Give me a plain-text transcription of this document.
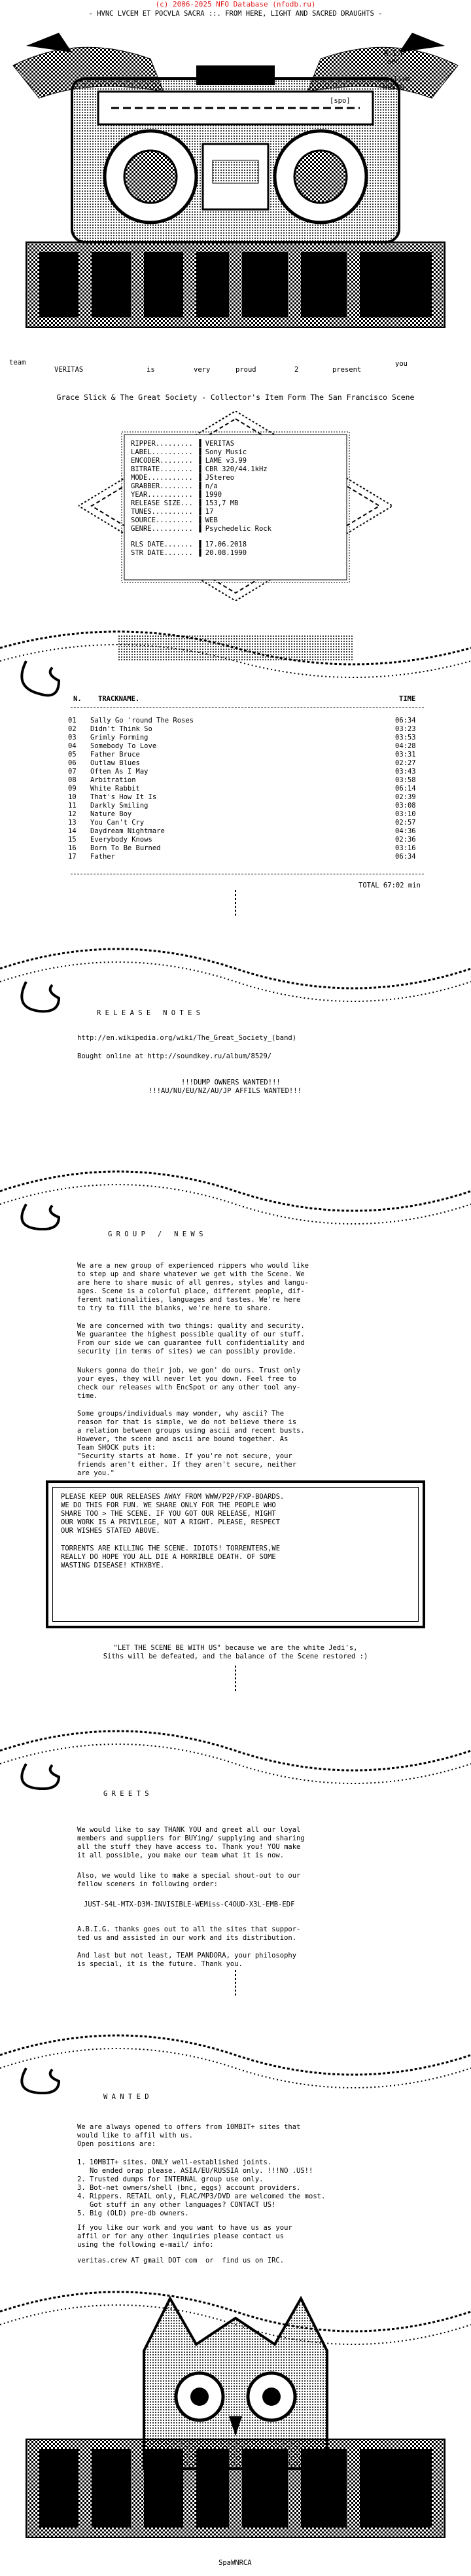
(c) 2006-2025 NFO Database (nfodb.ru)
- HVNC LVCEM ET POCVLA SACRA ::. FROM HERE, LIGHT AND SACRED DRAUGHTS -
R.I.P
aPC
long live
MUSIQ
[spo]
team
VERITAS	is	very	proud	2	present
you
Grace Slick & The Great Society - Collector's Item Form The San Francisco Scene
RIPPER......... ▐ VERITAS
LABEL.......... ▐ Sony Music
ENCODER........ ▐ LAME v3.99
BITRATE........ ▐ CBR 320/44.1kHz
MODE........... ▐ JStereo
GRABBER........ ▐ n/a
YEAR........... ▐ 1990
RELEASE SIZE... ▐ 153,7 MB
TUNES.......... ▐ 17
SOURCE......... ▐ WEB
GENRE.......... ▐ Psychedelic Rock
RLS DATE....... ▐ 17.06.2018
STR DATE....... ▐ 20.08.1990
N. TRACKNAME.	TIME
01	Sally Go 'round The Roses	06:34
02	Didn't Think So	03:23
03	Grimly Forming	03:53
04	Somebody To Love	04:28
05	Father Bruce	03:31
06	Outlaw Blues	02:27
07	Often As I May	03:43
08	Arbitration	03:58
09	White Rabbit	06:14
10	That's How It Is	02:39
11	Darkly Smiling	03:08
12	Nature Boy	03:10
13	You Can't Cry	02:57
14	Daydream Nightmare	04:36
15	Everybody Knows	02:36
16	Born To Be Burned	03:16
17	Father	06:34
TOTAL 67:02 min
R E L E A S E   N O T E S
http://en.wikipedia.org/wiki/The_Great_Society_(band)
Bought online at http://soundkey.ru/album/8529/
!!!DUMP OWNERS WANTED!!!
!!!AU/NU/EU/NZ/AU/JP AFFILS WANTED!!!
G R O U P   /   N E W S
We are a new group of experienced rippers who would like
to step up and share whatever we get with the Scene. We
are here to share music of all genres, styles and langu-
ages. Scene is a colorful place, different people, dif-
ferent nationalities, languages and tastes. We're here
to try to fill the blanks, we're here to share.
We are concerned with two things: quality and security.
We guarantee the highest possible quality of our stuff.
From our side we can guarantee full confidentiality and
security (in terms of sites) we can possibly provide.
Nukers gonna do their job, we gon' do ours. Trust only
your eyes, they will never let you down. Feel free to
check our releases with EncSpot or any other tool any-
time.
Some groups/individuals may wonder, why ascii? The
reason for that is simple, we do not believe there is
a relation between groups using ascii and recent busts.
However, the scene and ascii are bound together. As
Team SHOCK puts it:
"Security starts at home. If you're not secure, your
friends aren't either. If they aren't secure, neither
are you."
PLEASE KEEP OUR RELEASES AWAY FROM WWW/P2P/FXP-BOARDS.
WE DO THIS FOR FUN. WE SHARE ONLY FOR THE PEOPLE WHO
SHARE TOO > THE SCENE. IF YOU GOT OUR RELEASE, MIGHT
OUR WORK IS A PRIVILEGE, NOT A RIGHT. PLEASE, RESPECT
OUR WISHES STATED ABOVE.
TORRENTS ARE KILLING THE SCENE. IDIOTS! TORRENTERS,WE
REALLY DO HOPE YOU ALL DIE A HORRIBLE DEATH. OF SOME
WASTING DISEASE! KTHXBYE.
"LET THE SCENE BE WITH US" because we are the white Jedi's,
Siths will be defeated, and the balance of the Scene restored :)
G R E E T S
We would like to say THANK YOU and greet all our loyal
members and suppliers for BUYing/ supplying and sharing
all the stuff they have access to. Thank you! YOU make
it all possible, you make our team what it is now.
Also, we would like to make a special shout-out to our
fellow sceners in following order:
JUST-S4L-MTX-D3M-INVISIBLE-WEMiss-C4OUD-X3L-EMB-EDF
A.B.I.G. thanks goes out to all the sites that suppor-
ted us and assisted in our work and its distribution.
And last but not least, TEAM PANDORA, your philosophy
is special, it is the future. Thank you.
W A N T E D
We are always opened to offers from 10MBIT+ sites that
would like to affil with us.
Open positions are:
1. 10MBIT+ sites. ONLY well-established joints.
No ended orap please. ASIA/EU/RUSSIA only. !!!NO .US!!
2. Trusted dumps for INTERNAL group use only.
3. Bot-net owners/shell (bnc, eggs) account providers.
4. Rippers. RETAIL only, FLAC/MP3/DVD are welcomed the most.
Got stuff in any other languages? CONTACT US!
5. Big (OLD) pre-db owners.
If you like our work and you want to have us as your
affil or for any other inquiries please contact us
using the following e-mail/ info:
veritas.crew AT gmail DOT com  or  find us on IRC.
SpaWNRCA
